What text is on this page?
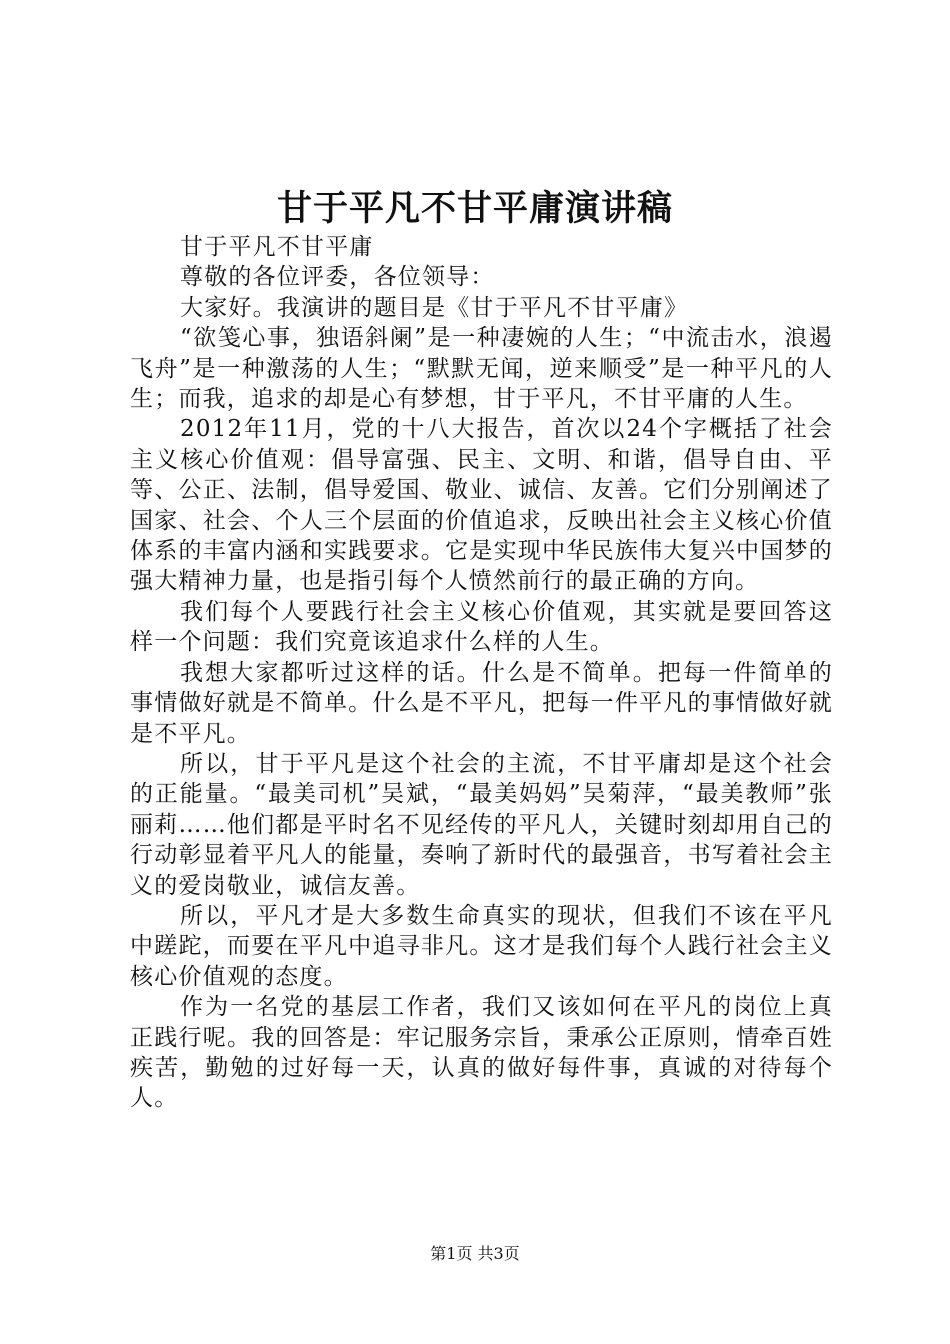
甘于平凡不甘平庸演讲稿

甘于平凡不甘平庸

尊敬的各位评委，各位领导：

大家好。我演讲的题目是《甘于平凡不甘平庸》

“欲笺心事，独语斜阑”是一种凄婉的人生；“中流击水，浪遏飞舟”是一种激荡的人生；“默默无闻，逆来顺受”是一种平凡的人生；而我，追求的却是心有梦想，甘于平凡，不甘平庸的人生。

2012年11月，党的十八大报告，首次以24个字概括了社会主义核心价值观：倡导富强、民主、文明、和谐，倡导自由、平等、公正、法制，倡导爱国、敬业、诚信、友善。它们分别阐述了国家、社会、个人三个层面的价值追求，反映出社会主义核心价值体系的丰富内涵和实践要求。它是实现中华民族伟大复兴中国梦的强大精神力量，也是指引每个人愤然前行的最正确的方向。

我们每个人要践行社会主义核心价值观，其实就是要回答这样一个问题：我们究竟该追求什么样的人生。

我想大家都听过这样的话。什么是不简单。把每一件简单的事情做好就是不简单。什么是不平凡，把每一件平凡的事情做好就是不平凡。

所以，甘于平凡是这个社会的主流，不甘平庸却是这个社会的正能量。“最美司机”吴斌，“最美妈妈”吴菊萍，“最美教师”张丽莉……他们都是平时名不见经传的平凡人，关键时刻却用自己的行动彰显着平凡人的能量，奏响了新时代的最强音，书写着社会主义的爱岗敬业，诚信友善。

所以，平凡才是大多数生命真实的现状，但我们不该在平凡中蹉跎，而要在平凡中追寻非凡。这才是我们每个人践行社会主义核心价值观的态度。

作为一名党的基层工作者，我们又该如何在平凡的岗位上真正践行呢。我的回答是：牢记服务宗旨，秉承公正原则，情牵百姓疾苦，勤勉的过好每一天，认真的做好每件事，真诚的对待每个人。

第1页 共3页
